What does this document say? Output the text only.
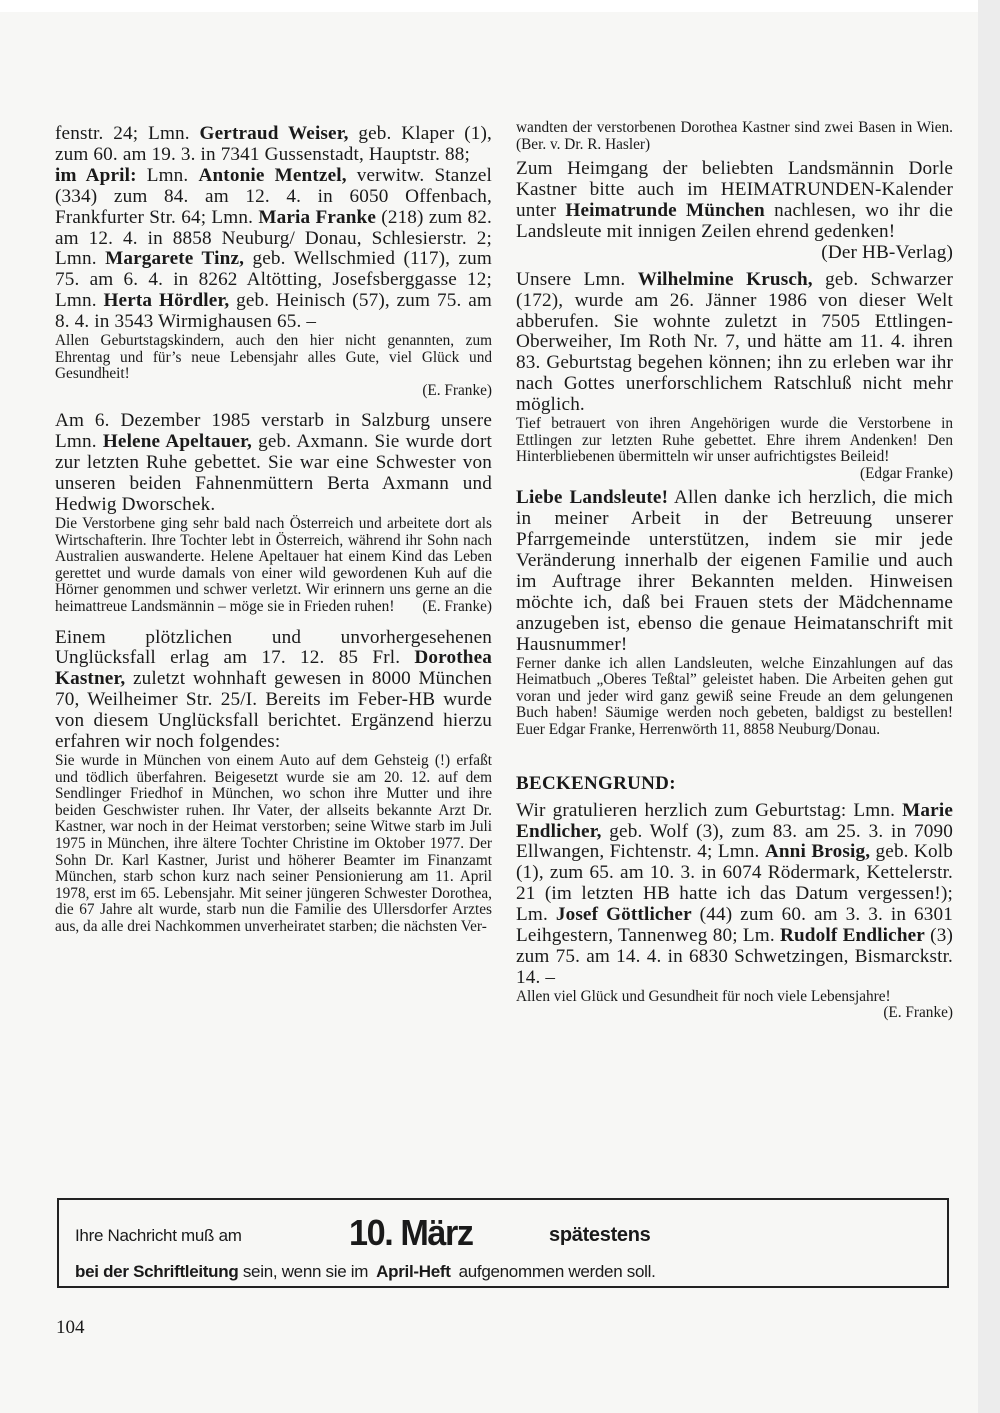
fenstr. 24; Lmn. Gertraud Weiser, geb. Klaper (1), zum 60. am 19. 3. in 7341 Gussenstadt, Hauptstr. 88;

im April: Lmn. Antonie Mentzel, verwitw. Stanzel (334) zum 84. am 12. 4. in 6050 Offenbach, Frankfurter Str. 64; Lmn. Maria Franke (218) zum 82. am 12. 4. in 8858 Neuburg/ Donau, Schlesierstr. 2; Lmn. Margarete Tinz, geb. Wellschmied (117), zum 75. am 6. 4. in 8262 Altötting, Josefsberggasse 12; Lmn. Herta Hördler, geb. Heinisch (57), zum 75. am 8. 4. in 3543 Wirmighausen 65. –

Allen Geburtstagskindern, auch den hier nicht genannten, zum Ehrentag und für’s neue Lebensjahr alles Gute, viel Glück und Gesundheit!

(E. Franke)

Am 6. Dezember 1985 verstarb in Salzburg unsere Lmn. Helene Apeltauer, geb. Axmann. Sie wurde dort zur letzten Ruhe gebettet. Sie war eine Schwester von unseren beiden Fahnenmüttern Berta Axmann und Hedwig Dworschek.

Die Verstorbene ging sehr bald nach Österreich und arbeitete dort als Wirtschafterin. Ihre Tochter lebt in Österreich, während ihr Sohn nach Australien auswanderte. Helene Apeltauer hat einem Kind das Leben gerettet und wurde damals von einer wild gewordenen Kuh auf die Hörner genommen und schwer verletzt. Wir erinnern uns gerne an die heimattreue Landsmännin – möge sie in Frieden ruhen! (E. Franke)

Einem plötzlichen und unvorhergesehenen Unglücksfall erlag am 17. 12. 85 Frl. Dorothea Kastner, zuletzt wohnhaft gewesen in 8000 München 70, Weilheimer Str. 25/I. Bereits im Feber-HB wurde von diesem Unglücksfall berichtet. Ergänzend hierzu erfahren wir noch folgendes:

Sie wurde in München von einem Auto auf dem Gehsteig (!) erfaßt und tödlich überfahren. Beigesetzt wurde sie am 20. 12. auf dem Sendlinger Friedhof in München, wo schon ihre Mutter und ihre beiden Geschwister ruhen. Ihr Vater, der allseits bekannte Arzt Dr. Kastner, war noch in der Heimat verstorben; seine Witwe starb im Juli 1975 in München, ihre ältere Tochter Christine im Oktober 1977. Der Sohn Dr. Karl Kastner, Jurist und höherer Beamter im Finanzamt München, starb schon kurz nach seiner Pensionierung am 11. April 1978, erst im 65. Lebensjahr. Mit seiner jüngeren Schwester Dorothea, die 67 Jahre alt wurde, starb nun die Familie des Ullersdorfer Arztes aus, da alle drei Nachkommen unverheiratet starben; die nächsten Ver-

wandten der verstorbenen Dorothea Kastner sind zwei Basen in Wien. (Ber. v. Dr. R. Hasler)

Zum Heimgang der beliebten Landsmännin Dorle Kastner bitte auch im HEIMATRUNDEN-Kalender unter Heimatrunde München nachlesen, wo ihr die Landsleute mit innigen Zeilen ehrend gedenken!

(Der HB-Verlag)

Unsere Lmn. Wilhelmine Krusch, geb. Schwarzer (172), wurde am 26. Jänner 1986 von dieser Welt abberufen. Sie wohnte zuletzt in 7505 Ettlingen-Oberweiher, Im Roth Nr. 7, und hätte am 11. 4. ihren 83. Geburtstag begehen können; ihn zu erleben war ihr nach Gottes unerforschlichem Ratschluß nicht mehr möglich.

Tief betrauert von ihren Angehörigen wurde die Verstorbene in Ettlingen zur letzten Ruhe gebettet. Ehre ihrem Andenken! Den Hinterbliebenen übermitteln wir unser aufrichtigstes Beileid!

(Edgar Franke)

Liebe Landsleute! Allen danke ich herzlich, die mich in meiner Arbeit in der Betreuung unserer Pfarrgemeinde unterstützen, indem sie mir jede Veränderung innerhalb der eigenen Familie und auch im Auftrage ihrer Bekannten melden. Hinweisen möchte ich, daß bei Frauen stets der Mädchenname anzugeben ist, ebenso die genaue Heimatanschrift mit Hausnummer!

Ferner danke ich allen Landsleuten, welche Einzahlungen auf das Heimatbuch „Oberes Teßtal” geleistet haben. Die Arbeiten gehen gut voran und jeder wird ganz gewiß seine Freude an dem gelungenen Buch haben! Säumige werden noch gebeten, baldigst zu bestellen! Euer Edgar Franke, Herrenwörth 11, 8858 Neuburg/Donau.

BECKENGRUND:

Wir gratulieren herzlich zum Geburtstag: Lmn. Marie Endlicher, geb. Wolf (3), zum 83. am 25. 3. in 7090 Ellwangen, Fichtenstr. 4; Lmn. Anni Brosig, geb. Kolb (1), zum 65. am 10. 3. in 6074 Rödermark, Kettelerstr. 21 (im letzten HB hatte ich das Datum vergessen!); Lm. Josef Göttlicher (44) zum 60. am 3. 3. in 6301 Leihgestern, Tannenweg 80; Lm. Rudolf Endlicher (3) zum 75. am 14. 4. in 6830 Schwetzingen, Bismarckstr. 14. –

Allen viel Glück und Gesundheit für noch viele Lebensjahre!
(E. Franke)

Ihre Nachricht muß am	10. März	spätestens
bei der Schriftleitung sein, wenn sie im April-Heft aufgenommen werden soll.
104
